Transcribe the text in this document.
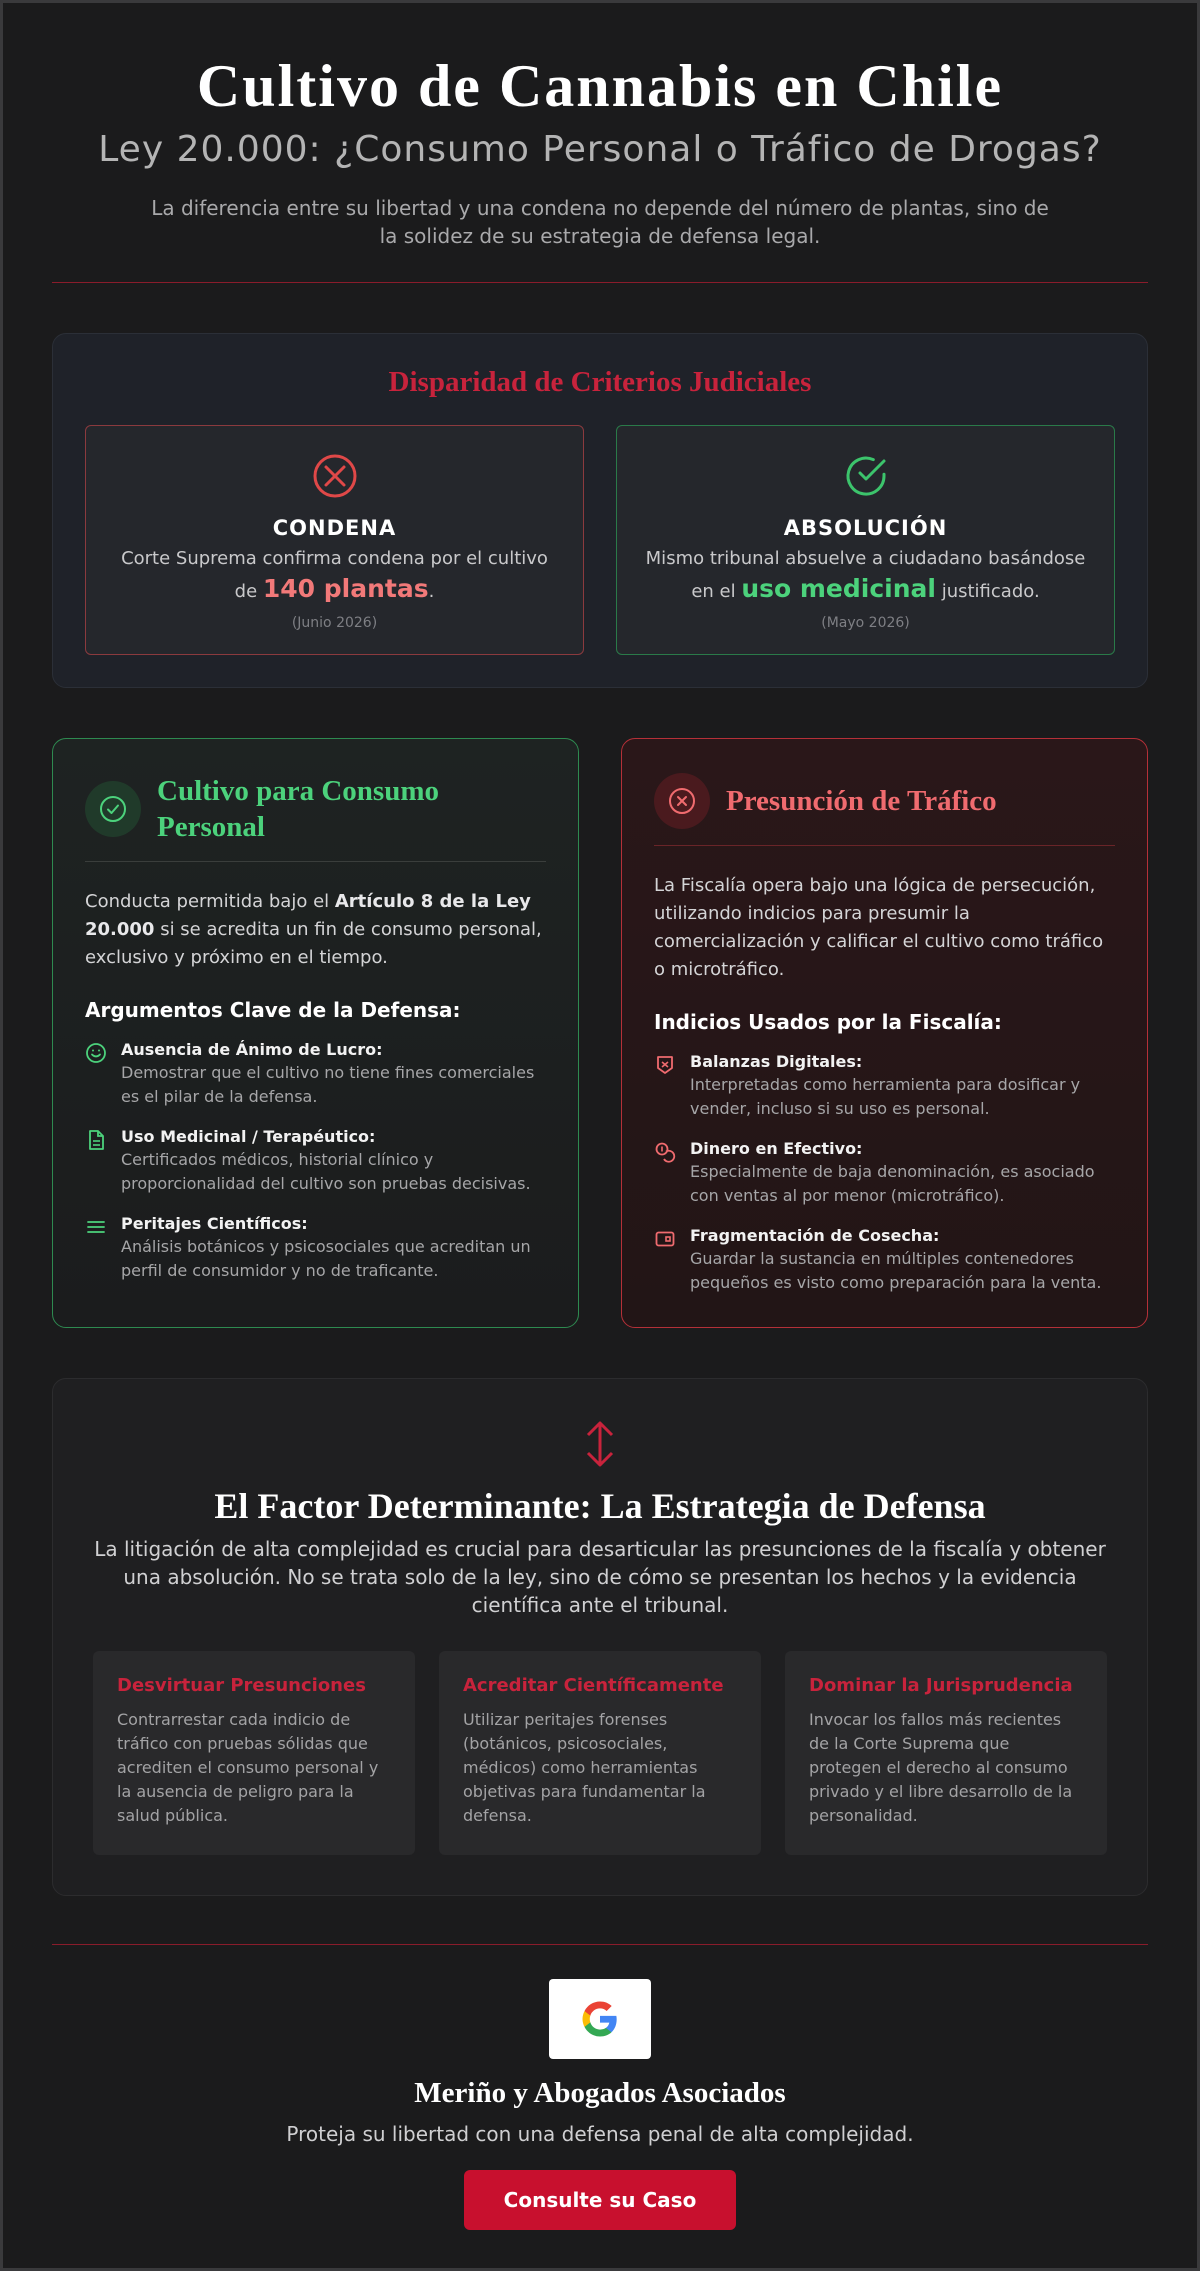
Cultivo de Cannabis en Chile
Ley 20.000: ¿Consumo Personal o Tráfico de Drogas?

La diferencia entre su libertad y una condena no depende del número de plantas, sino de la solidez de su estrategia de defensa legal.

Disparidad de Criterios Judiciales
CONDENA
Corte Suprema confirma condena por el cultivo de 140 plantas.
(Junio 2026)
ABSOLUCIÓN
Mismo tribunal absuelve a ciudadano basándose en el uso medicinal justificado.
(Mayo 2026)
Cultivo para Consumo Personal

Conducta permitida bajo el Artículo 8 de la Ley 20.000 si se acredita un fin de consumo personal, exclusivo y próximo en el tiempo.

Argumentos Clave de la Defensa:
Ausencia de Ánimo de Lucro:
Demostrar que el cultivo no tiene fines comerciales es el pilar de la defensa.
Uso Medicinal / Terapéutico:
Certificados médicos, historial clínico y proporcionalidad del cultivo son pruebas decisivas.
Peritajes Científicos:
Análisis botánicos y psicosociales que acreditan un perfil de consumidor y no de traficante.
Presunción de Tráfico

La Fiscalía opera bajo una lógica de persecución, utilizando indicios para presumir la comercialización y calificar el cultivo como tráfico o microtráfico.

Indicios Usados por la Fiscalía:
Balanzas Digitales:
Interpretadas como herramienta para dosificar y vender, incluso si su uso es personal.
Dinero en Efectivo:
Especialmente de baja denominación, es asociado con ventas al por menor (microtráfico).
Fragmentación de Cosecha:
Guardar la sustancia en múltiples contenedores pequeños es visto como preparación para la venta.
El Factor Determinante: La Estrategia de Defensa

La litigación de alta complejidad es crucial para desarticular las presunciones de la fiscalía y obtener una absolución. No se trata solo de la ley, sino de cómo se presentan los hechos y la evidencia científica ante el tribunal.

Desvirtuar Presunciones
Contrarrestar cada indicio de tráfico con pruebas sólidas que acrediten el consumo personal y la ausencia de peligro para la salud pública.
Acreditar Científicamente
Utilizar peritajes forenses (botánicos, psicosociales, médicos) como herramientas objetivas para fundamentar la defensa.
Dominar la Jurisprudencia
Invocar los fallos más recientes de la Corte Suprema que protegen el derecho al consumo privado y el libre desarrollo de la personalidad.
Meriño y Abogados Asociados
Proteja su libertad con una defensa penal de alta complejidad.
Consulte su Caso
